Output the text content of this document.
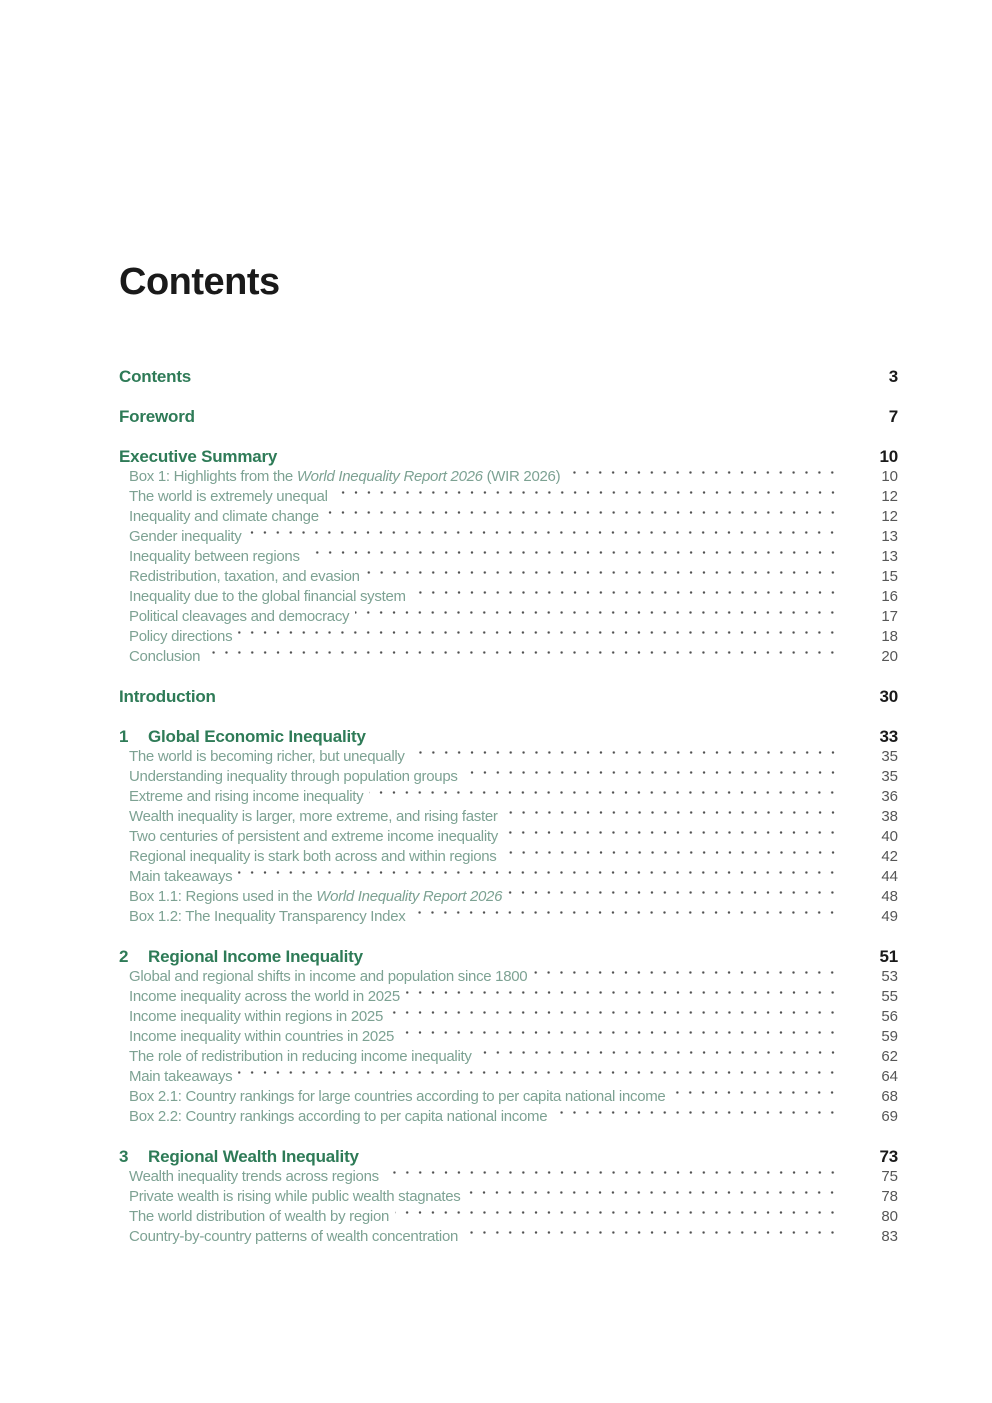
Contents
Contents	3
Foreword	7
Executive Summary	10
Box 1: Highlights from the World Inequality Report 2026 (WIR 2026)	10
The world is extremely unequal	12
Inequality and climate change	12
Gender inequality	13
Inequality between regions	13
Redistribution, taxation, and evasion	15
Inequality due to the global financial system	16
Political cleavages and democracy	17
Policy directions	18
Conclusion	20
Introduction	30
1	Global Economic Inequality	33
The world is becoming richer, but unequally	35
Understanding inequality through population groups	35
Extreme and rising income inequality	36
Wealth inequality is larger, more extreme, and rising faster	38
Two centuries of persistent and extreme income inequality	40
Regional inequality is stark both across and within regions	42
Main takeaways	44
Box 1.1: Regions used in the World Inequality Report 2026	48
Box 1.2: The Inequality Transparency Index	49
2	Regional Income Inequality	51
Global and regional shifts in income and population since 1800	53
Income inequality across the world in 2025	55
Income inequality within regions in 2025	56
Income inequality within countries in 2025	59
The role of redistribution in reducing income inequality	62
Main takeaways	64
Box 2.1: Country rankings for large countries according to per capita national income	68
Box 2.2: Country rankings according to per capita national income	69
3	Regional Wealth Inequality	73
Wealth inequality trends across regions	75
Private wealth is rising while public wealth stagnates	78
The world distribution of wealth by region	80
Country-by-country patterns of wealth concentration	83
